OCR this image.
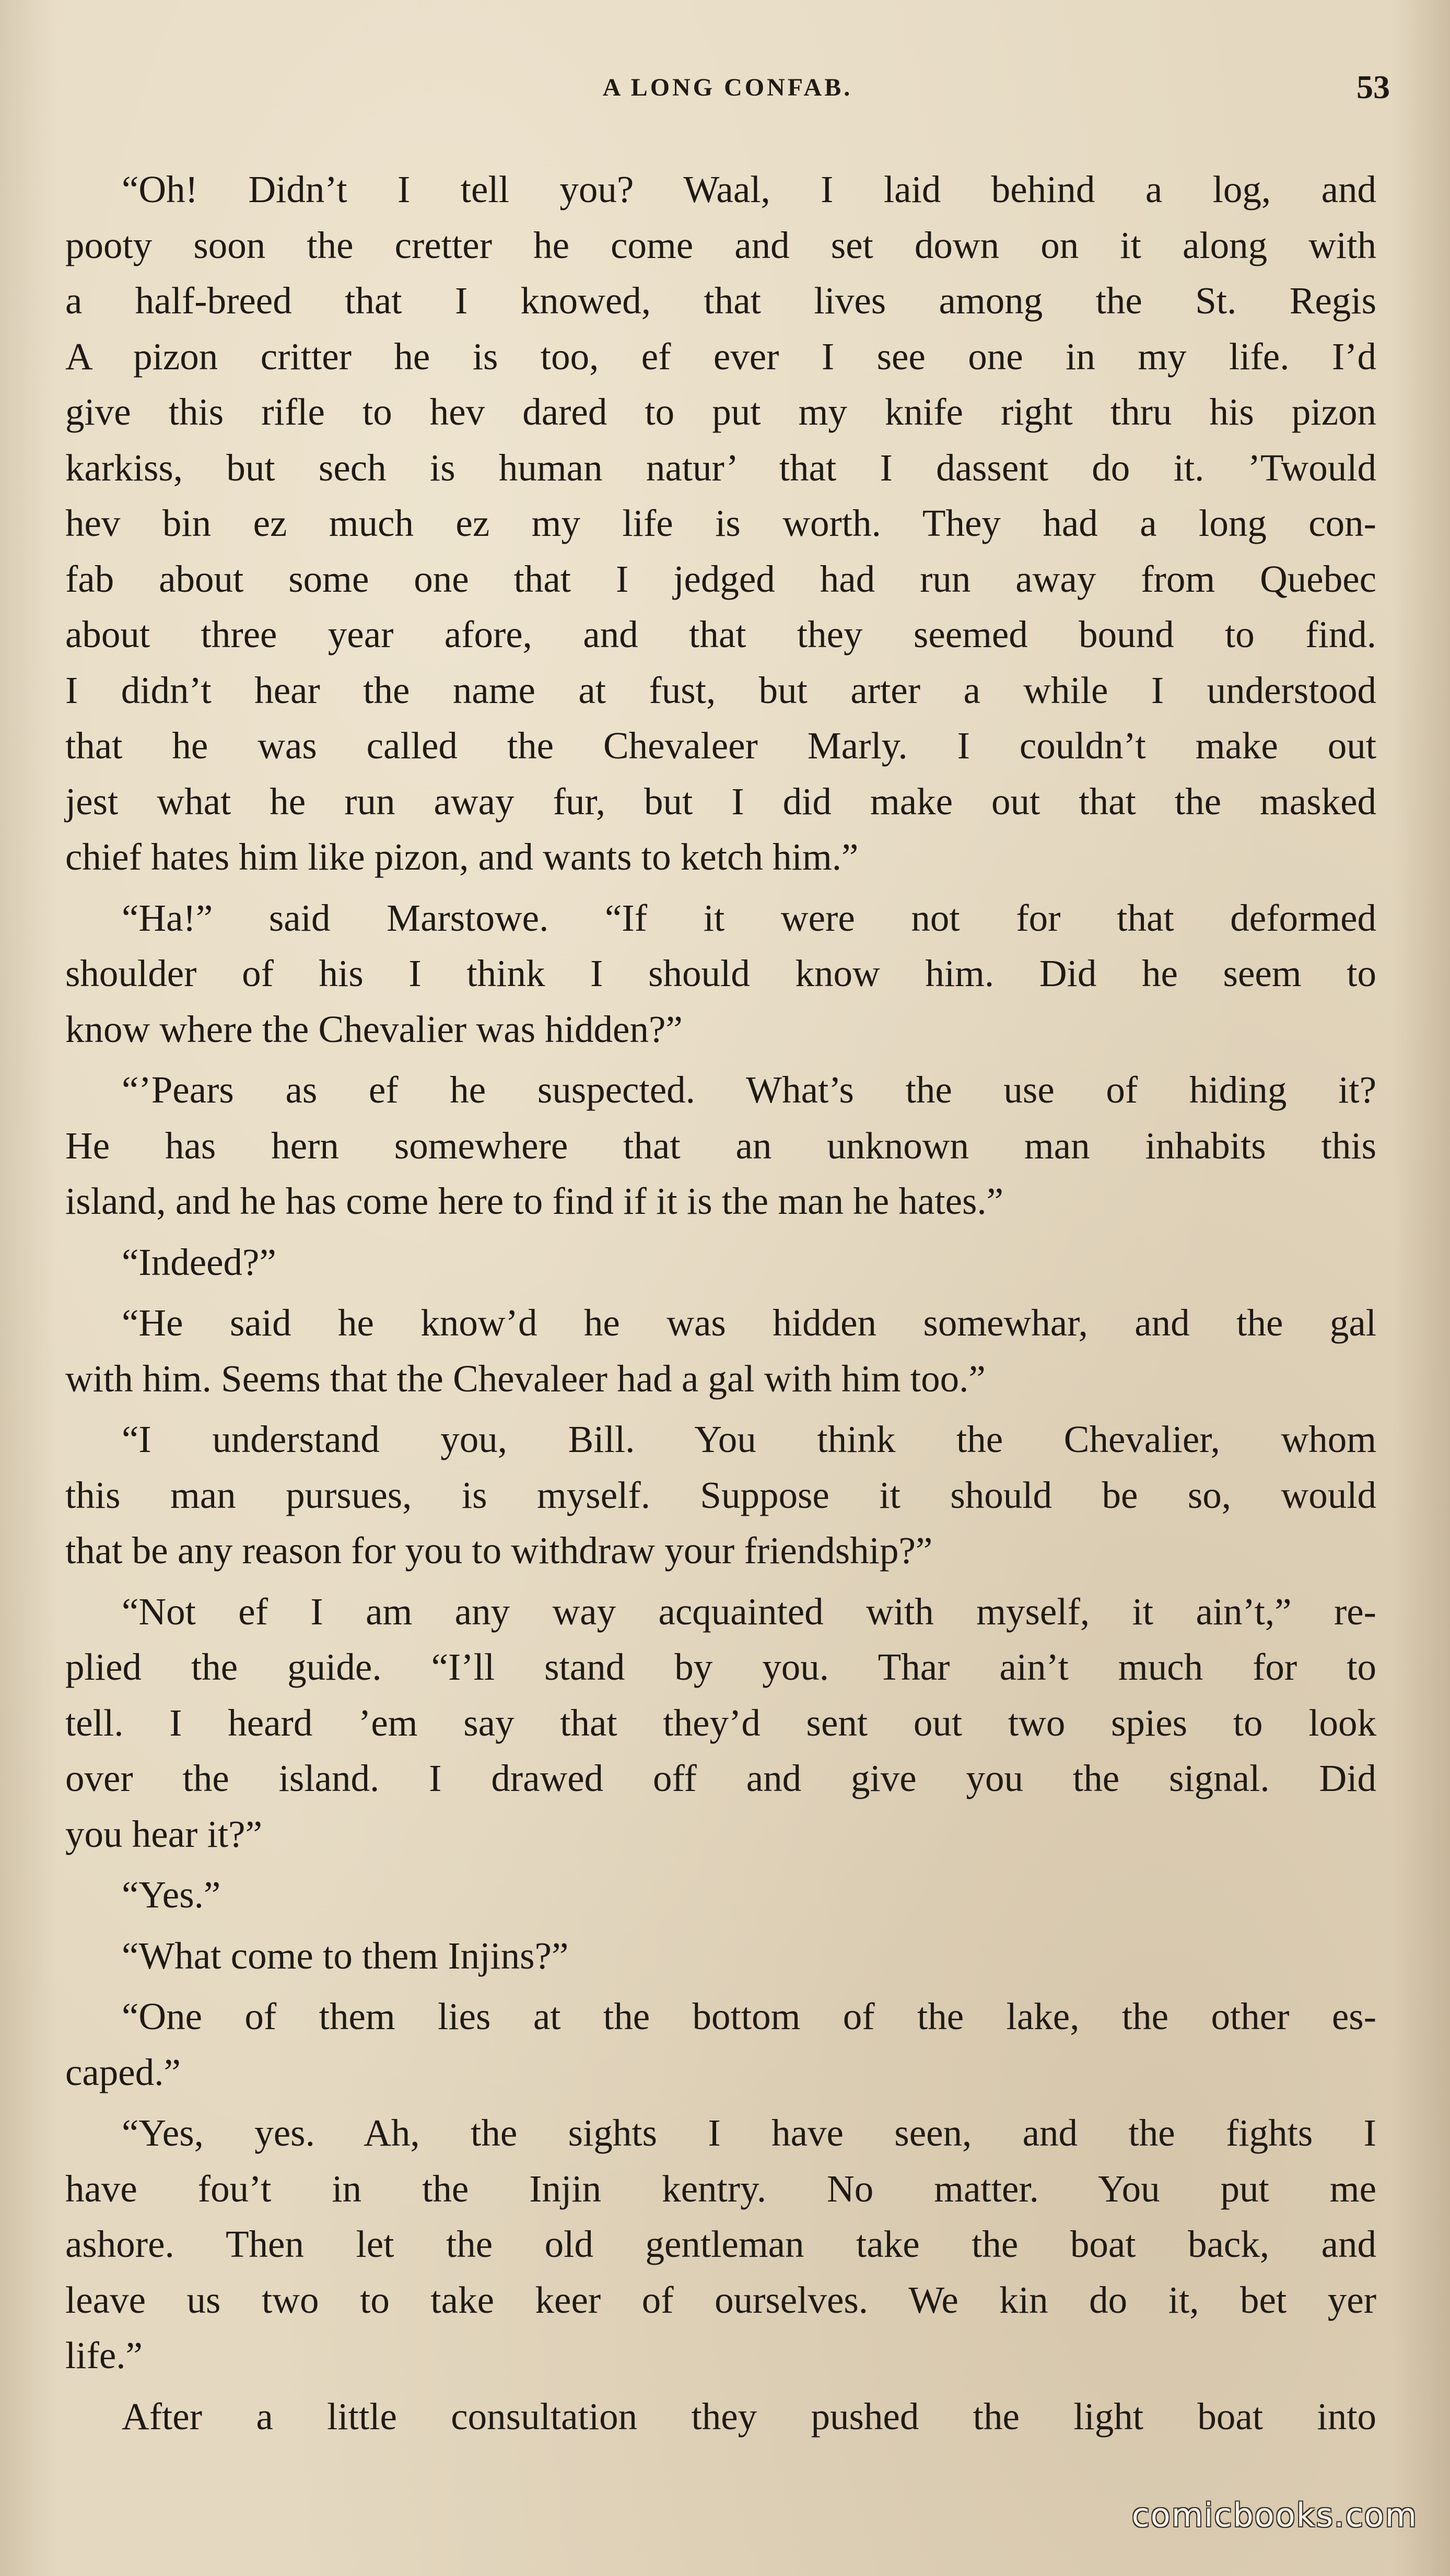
A LONG CONFAB.	53
“Oh! Didn’t I tell you? Waal, I laid behind a log, and
pooty soon the cretter he come and set down on it along with
a half-breed that I knowed, that lives among the St. Regis
A pizon critter he is too, ef ever I see one in my life. I’d
give this rifle to hev dared to put my knife right thru his pizon
karkiss, but sech is human natur’ that I dassent do it. ’Twould
hev bin ez much ez my life is worth. They had a long con-
fab about some one that I jedged had run away from Quebec
about three year afore, and that they seemed bound to find.
I didn’t hear the name at fust, but arter a while I understood
that he was called the Chevaleer Marly. I couldn’t make out
jest what he run away fur, but I did make out that the masked
chief hates him like pizon, and wants to ketch him.”
“Ha!” said Marstowe. “If it were not for that deformed
shoulder of his I think I should know him. Did he seem to
know where the Chevalier was hidden?”
“’Pears as ef he suspected. What’s the use of hiding it?
He has hern somewhere that an unknown man inhabits this
island, and he has come here to find if it is the man he hates.”
“Indeed?”
“He said he know’d he was hidden somewhar, and the gal
with him. Seems that the Chevaleer had a gal with him too.”
“I understand you, Bill. You think the Chevalier, whom
this man pursues, is myself. Suppose it should be so, would
that be any reason for you to withdraw your friendship?”
“Not ef I am any way acquainted with myself, it ain’t,” re-
plied the guide. “I’ll stand by you. Thar ain’t much for to
tell. I heard ’em say that they’d sent out two spies to look
over the island. I drawed off and give you the signal. Did
you hear it?”
“Yes.”
“What come to them Injins?”
“One of them lies at the bottom of the lake, the other es-
caped.”
“Yes, yes. Ah, the sights I have seen, and the fights I
have fou’t in the Injin kentry. No matter. You put me
ashore. Then let the old gentleman take the boat back, and
leave us two to take keer of ourselves. We kin do it, bet yer
life.”
After a little consultation they pushed the light boat into
comicbooks.com
